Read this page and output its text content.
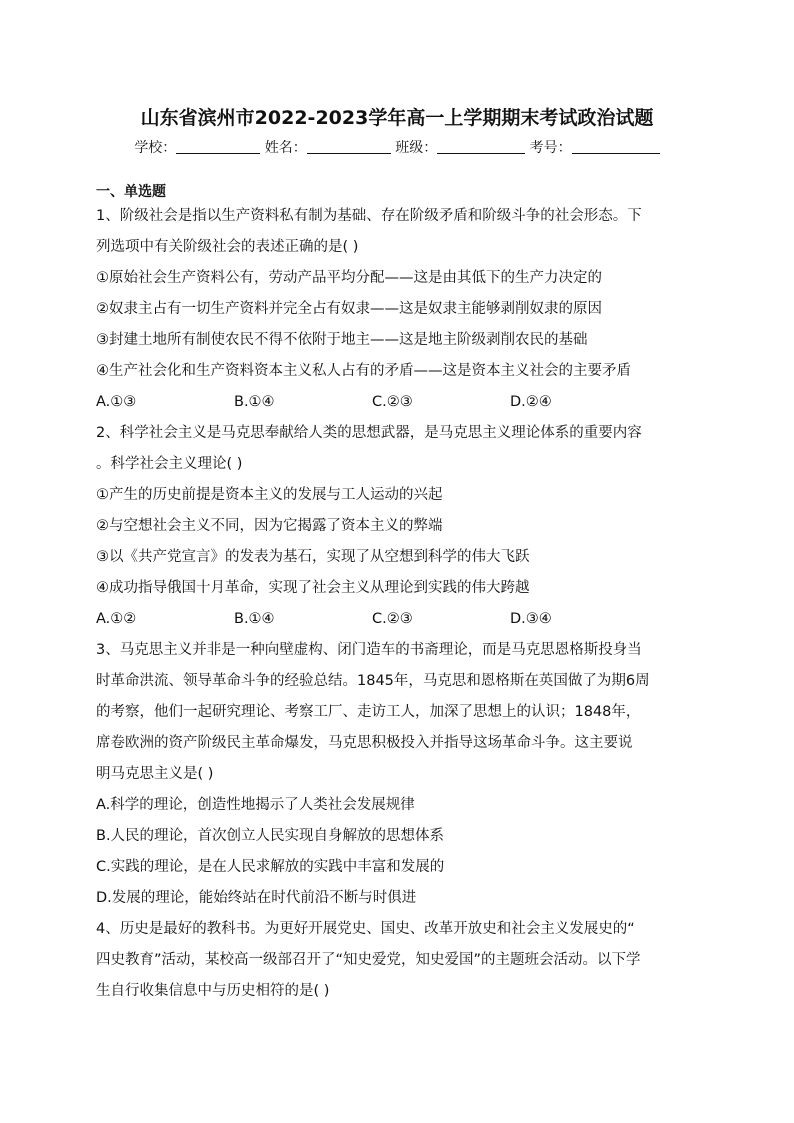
山东省滨州市2022-2023学年高一上学期期末考试政治试题
学校：	姓名：	班级：	考号：
一、单选题
1、阶级社会是指以生产资料私有制为基础、存在阶级矛盾和阶级斗争的社会形态。下
列选项中有关阶级社会的表述正确的是( )
①原始社会生产资料公有，劳动产品平均分配——这是由其低下的生产力决定的
②奴隶主占有一切生产资料并完全占有奴隶——这是奴隶主能够剥削奴隶的原因
③封建土地所有制使农民不得不依附于地主——这是地主阶级剥削农民的基础
④生产社会化和生产资料资本主义私人占有的矛盾——这是资本主义社会的主要矛盾
A.①③	B.①④	C.②③	D.②④
2、科学社会主义是马克思奉献给人类的思想武器，是马克思主义理论体系的重要内容
。科学社会主义理论( )
①产生的历史前提是资本主义的发展与工人运动的兴起
②与空想社会主义不同，因为它揭露了资本主义的弊端
③以《共产党宣言》的发表为基石，实现了从空想到科学的伟大飞跃
④成功指导俄国十月革命，实现了社会主义从理论到实践的伟大跨越
A.①②	B.①④	C.②③	D.③④
3、马克思主义并非是一种向壁虚构、闭门造车的书斋理论，而是马克思恩格斯投身当
时革命洪流、领导革命斗争的经验总结。1845年，马克思和恩格斯在英国做了为期6周
的考察，他们一起研究理论、考察工厂、走访工人，加深了思想上的认识；1848年，
席卷欧洲的资产阶级民主革命爆发，马克思积极投入并指导这场革命斗争。这主要说
明马克思主义是( )
A.科学的理论，创造性地揭示了人类社会发展规律
B.人民的理论，首次创立人民实现自身解放的思想体系
C.实践的理论，是在人民求解放的实践中丰富和发展的
D.发展的理论，能始终站在时代前沿不断与时俱进
4、历史是最好的教科书。为更好开展党史、国史、改革开放史和社会主义发展史的“
四史教育”活动，某校高一级部召开了“知史爱党，知史爱国”的主题班会活动。以下学
生自行收集信息中与历史相符的是( )
